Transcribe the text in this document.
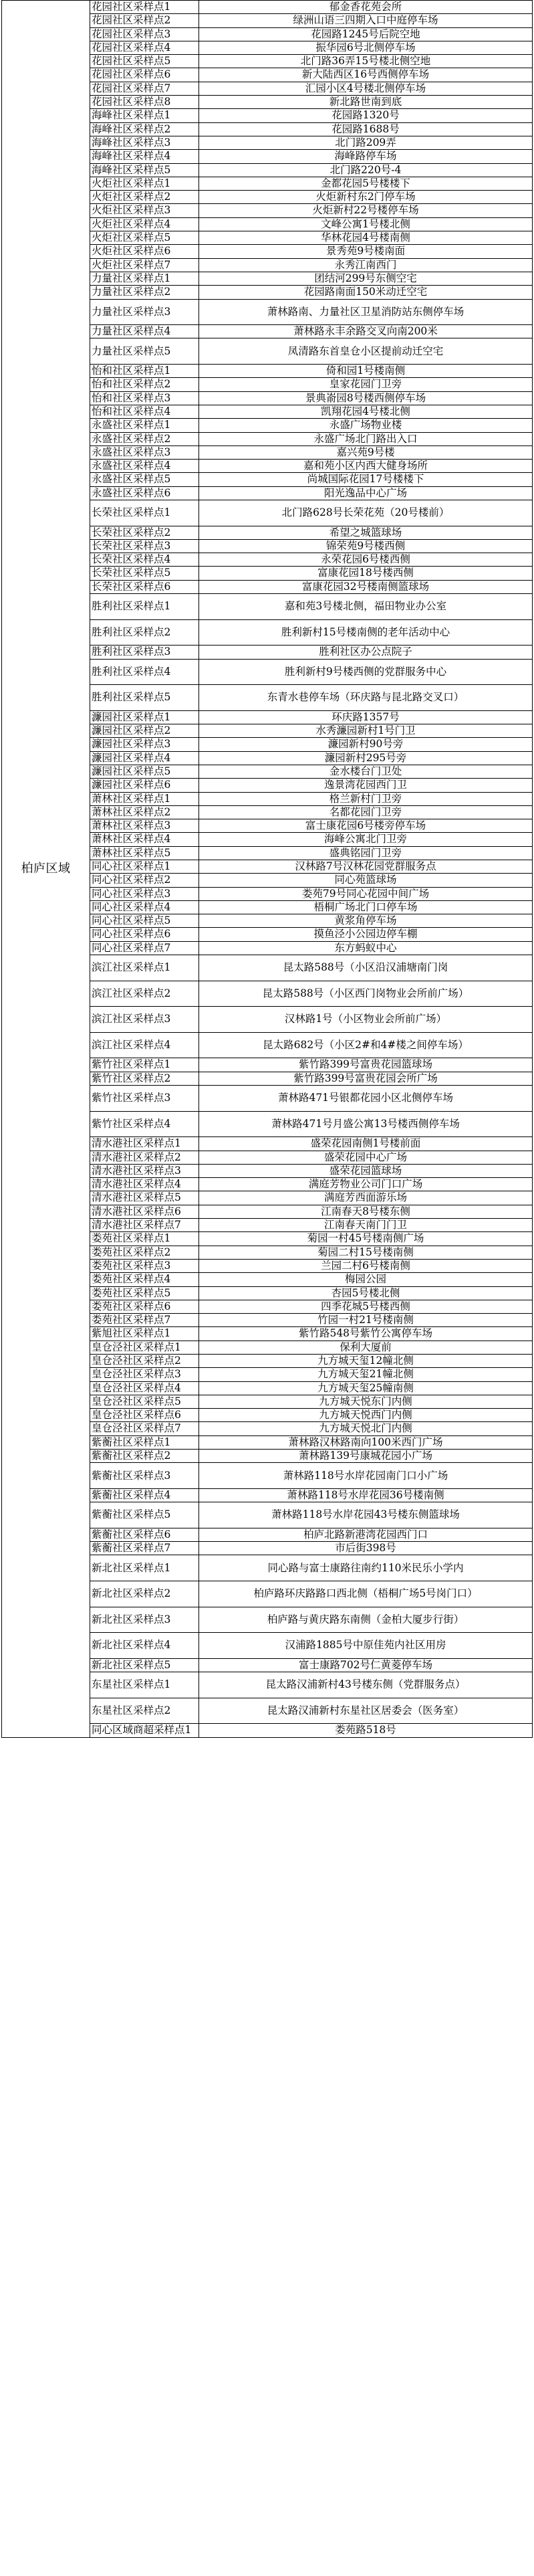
柏庐区域	花园社区采样点1	郁金香花苑会所
	花园社区采样点2	绿洲山语三四期入口中庭停车场
	花园社区采样点3	花园路1245号后院空地
	花园社区采样点4	振华园6号北侧停车场
	花园社区采样点5	北门路36弄15号楼北侧空地
	花园社区采样点6	新大陆西区16号西侧停车场
	花园社区采样点7	汇园小区4号楼北侧停车场
	花园社区采样点8	新北路世南到底
	海峰社区采样点1	花园路1320号
	海峰社区采样点2	花园路1688号
	海峰社区采样点3	北门路209弄
	海峰社区采样点4	海峰路停车场
	海峰社区采样点5	北门路220号-4
	火炬社区采样点1	金都花园5号楼楼下
	火炬社区采样点2	火炬新村东2门停车场
	火炬社区采样点3	火炬新村22号楼停车场
	火炬社区采样点4	文峰公寓1号楼北侧
	火炬社区采样点5	华林花园4号楼南侧
	火炬社区采样点6	景秀苑9号楼南面
	火炬社区采样点7	永秀江南西门
	力量社区采样点1	团结河299号东侧空宅
	力量社区采样点2	花园路南面150米动迁空宅
	力量社区采样点3	萧林路南、力量社区卫星消防站东侧停车场
	力量社区采样点4	萧林路永丰余路交叉向南200米
	力量社区采样点5	凤清路东首皇仓小区提前动迁空宅
	怡和社区采样点1	倚和园1号楼南侧
	怡和社区采样点2	皇家花园门卫旁
	怡和社区采样点3	景典嵛园8号楼西侧停车场
	怡和社区采样点4	凯翔花园4号楼北侧
	永盛社区采样点1	永盛广场物业楼
	永盛社区采样点2	永盛广场北门路出入口
	永盛社区采样点3	嘉兴苑9号楼
	永盛社区采样点4	嘉和苑小区内西大健身场所
	永盛社区采样点5	尚城国际花园17号楼楼下
	永盛社区采样点6	阳光逸品中心广场
	长荣社区采样点1	北门路628号长荣花苑（20号楼前）
	长荣社区采样点2	希望之城篮球场
	长荣社区采样点3	锦荣苑9号楼西侧
	长荣社区采样点4	永荣花园6号楼西侧
	长荣社区采样点5	富康花园18号楼西侧
	长荣社区采样点6	富康花园32号楼南侧篮球场
	胜利社区采样点1	嘉和苑3号楼北侧，福田物业办公室
	胜利社区采样点2	胜利新村15号楼南侧的老年活动中心
	胜利社区采样点3	胜利社区办公点院子
	胜利社区采样点4	胜利新村9号楼西侧的党群服务中心
	胜利社区采样点5	东青水巷停车场（环庆路与昆北路交叉口）
	濂园社区采样点1	环庆路1357号
	濂园社区采样点2	水秀濂园新村1号门卫
	濂园社区采样点3	濂园新村90号旁
	濂园社区采样点4	濂园新村295号旁
	濂园社区采样点5	金水楼台门卫处
	濂园社区采样点6	逸景湾花园西门卫
	萧林社区采样点1	格兰新村门卫旁
	萧林社区采样点2	名都花园门卫旁
	萧林社区采样点3	富士康花园6号楼旁停车场
	萧林社区采样点4	海峰公寓北门卫旁
	萧林社区采样点5	盛典铭园门卫旁
	同心社区采样点1	汉林路7号汉林花园党群服务点
	同心社区采样点2	同心苑篮球场
	同心社区采样点3	娄苑79号同心花园中间广场
	同心社区采样点4	梧桐广场北门口停车场
	同心社区采样点5	黄浆角停车场
	同心社区采样点6	摸鱼泾小公园边停车棚
	同心社区采样点7	东方蚂蚁中心
	滨江社区采样点1	昆太路588号（小区沿汉浦塘南门岗
	滨江社区采样点2	昆太路588号（小区西门岗物业会所前广场）
	滨江社区采样点3	汉林路1号（小区物业会所前广场）
	滨江社区采样点4	昆太路682号（小区2#和4#楼之间停车场）
	紫竹社区采样点1	紫竹路399号富贵花园篮球场
	紫竹社区采样点2	紫竹路399号富贵花园会所广场
	紫竹社区采样点3	萧林路471号银都花园小区北侧停车场
	紫竹社区采样点4	萧林路471号月盛公寓13号楼西侧停车场
	清水港社区采样点1	盛荣花园南侧1号楼前面
	清水港社区采样点2	盛荣花园中心广场
	清水港社区采样点3	盛荣花园篮球场
	清水港社区采样点4	满庭芳物业公司门口广场
	清水港社区采样点5	满庭芳西面游乐场
	清水港社区采样点6	江南春天8号楼东侧
	清水港社区采样点7	江南春天南门门卫
	娄苑社区采样点1	菊园一村45号楼南侧广场
	娄苑社区采样点2	菊园二村15号楼南侧
	娄苑社区采样点3	兰园二村6号楼南侧
	娄苑社区采样点4	梅园公园
	娄苑社区采样点5	杏园5号楼北侧
	娄苑社区采样点6	四季花城5号楼西侧
	娄苑社区采样点7	竹园一村21号楼南侧
	紫旭社区采样点1	紫竹路548号紫竹公寓停车场
	皇仓泾社区采样点1	保利大厦前
	皇仓泾社区采样点2	九方城天玺12幢北侧
	皇仓泾社区采样点3	九方城天玺21幢北侧
	皇仓泾社区采样点4	九方城天玺25幢南侧
	皇仓泾社区采样点5	九方城天悦东门内侧
	皇仓泾社区采样点6	九方城天悦西门内侧
	皇仓泾社区采样点7	九方城天悦北门内侧
	紫蘅社区采样点1	萧林路汉林路南向100米西门广场
	紫蘅社区采样点2	萧林路139号康城花园小广场
	紫蘅社区采样点3	萧林路118号水岸花园南门口小广场
	紫蘅社区采样点4	萧林路118号水岸花园36号楼南侧
	紫蘅社区采样点5	萧林路118号水岸花园43号楼东侧篮球场
	紫蘅社区采样点6	柏庐北路新港湾花园西门口
	紫蘅社区采样点7	市后街398号
	新北社区采样点1	同心路与富士康路往南约110米民乐小学内
	新北社区采样点2	柏庐路环庆路路口西北侧（梧桐广场5号岗门口）
	新北社区采样点3	柏庐路与黄庆路东南侧（金柏大厦步行街）
	新北社区采样点4	汉浦路1885号中原佳苑内社区用房
	新北社区采样点5	富士康路702号仁黄菱停车场
	东星社区采样点1	昆太路汉浦新村43号楼东侧（党群服务点）
	东星社区采样点2	昆太路汉浦新村东星社区居委会（医务室）
	同心区域商超采样点1	娄苑路518号
